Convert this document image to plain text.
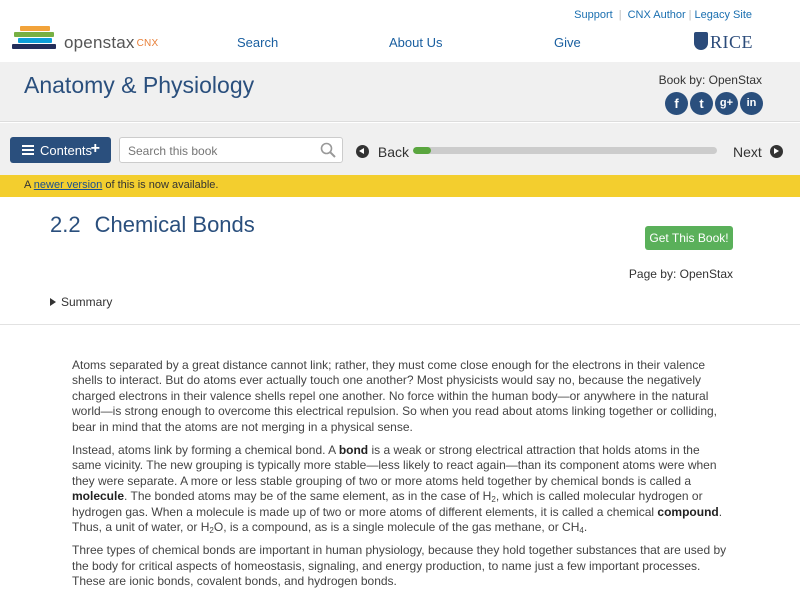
openstax CNX
Support | CNX Author | Legacy Site
Search	About Us	Give	RICE
Anatomy & Physiology	Book by: OpenStax
f	t	g+	in
Contents
+
Search this book	Back	Next
A newer version of this is now available.
2.2 Chemical Bonds
Get This Book!
Page by: OpenStax
Summary

Atoms separated by a great distance cannot link; rather, they must come close enough for the electrons in their valence shells to interact. But do atoms ever actually touch one another? Most physicists would say no, because the negatively charged electrons in their valence shells repel one another. No force within the human body—or anywhere in the natural world—is strong enough to overcome this electrical repulsion. So when you read about atoms linking together or colliding, bear in mind that the atoms are not merging in a physical sense.

Instead, atoms link by forming a chemical bond. A bond is a weak or strong electrical attraction that holds atoms in the same vicinity. The new grouping is typically more stable—less likely to react again—than its component atoms were when they were separate. A more or less stable grouping of two or more atoms held together by chemical bonds is called a molecule. The bonded atoms may be of the same element, as in the case of $H_2$, which is called molecular hydrogen or hydrogen gas. When a molecule is made up of two or more atoms of different elements, it is called a chemical compound. Thus, a unit of water, or $H_2O$, is a compound, as is a single molecule of the gas methane, or $CH_4$.

Three types of chemical bonds are important in human physiology, because they hold together substances that are used by the body for critical aspects of homeostasis, signaling, and energy production, to name just a few important processes. These are ionic bonds, covalent bonds, and hydrogen bonds.
